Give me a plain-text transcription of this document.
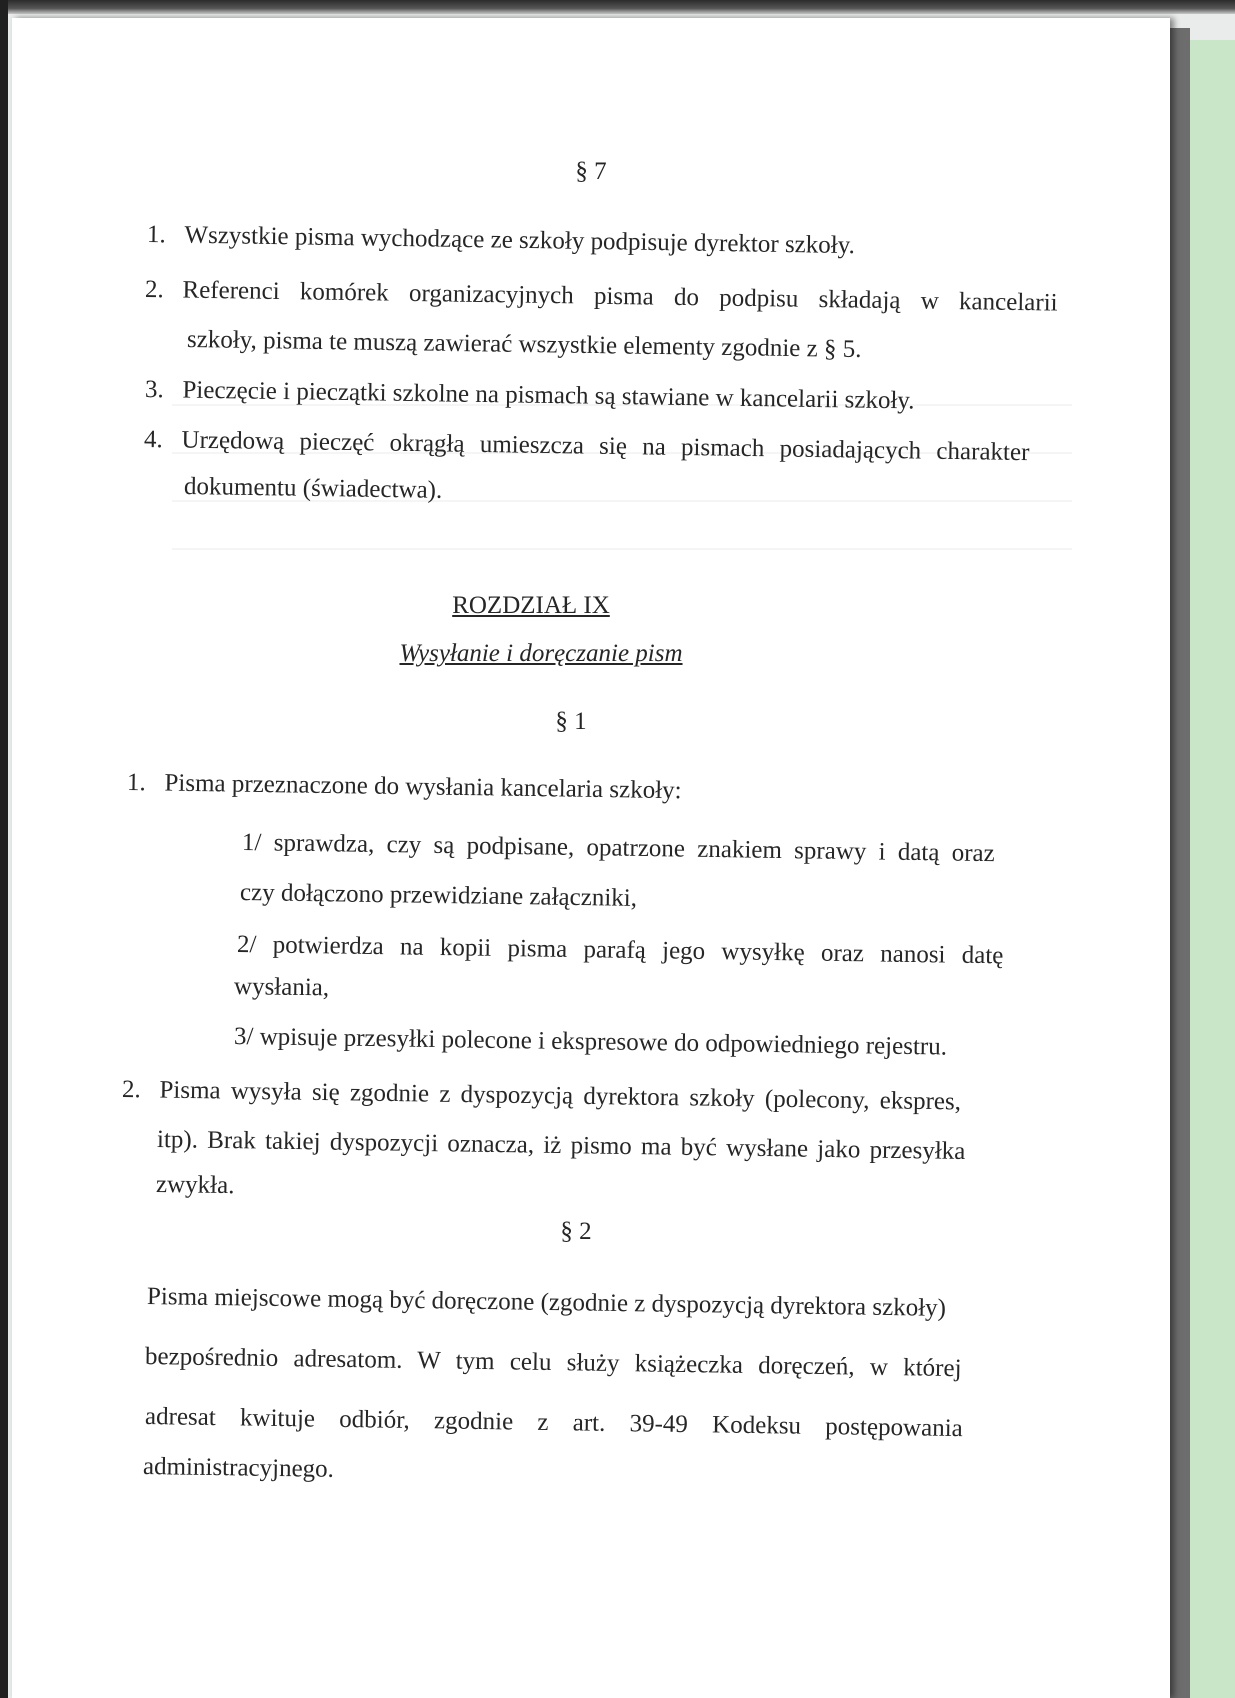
§ 7
1. Wszystkie pisma wychodzące ze szkoły podpisuje dyrektor szkoły.
2. Referenci komórek organizacyjnych pisma do podpisu składają w kancelarii
szkoły, pisma te muszą zawierać wszystkie elementy zgodnie z § 5.
3. Pieczęcie i pieczątki szkolne na pismach są stawiane w kancelarii szkoły.
4. Urzędową pieczęć okrągłą umieszcza się na pismach posiadających charakter
dokumentu (świadectwa).
ROZDZIAŁ IX
Wysyłanie i doręczanie pism
§ 1
1. Pisma przeznaczone do wysłania kancelaria szkoły:
1/ sprawdza, czy są podpisane, opatrzone znakiem sprawy i datą oraz
czy dołączono przewidziane załączniki,
2/ potwierdza na kopii pisma parafą jego wysyłkę oraz nanosi datę
wysłania,
3/ wpisuje przesyłki polecone i ekspresowe do odpowiedniego rejestru.
2. Pisma wysyła się zgodnie z dyspozycją dyrektora szkoły (polecony, ekspres,
itp). Brak takiej dyspozycji oznacza, iż pismo ma być wysłane jako przesyłka
zwykła.
§ 2
Pisma miejscowe mogą być doręczone (zgodnie z dyspozycją dyrektora szkoły)
bezpośrednio adresatom. W tym celu służy książeczka doręczeń, w której
adresat kwituje odbiór, zgodnie z art. 39-49 Kodeksu postępowania
administracyjnego.
